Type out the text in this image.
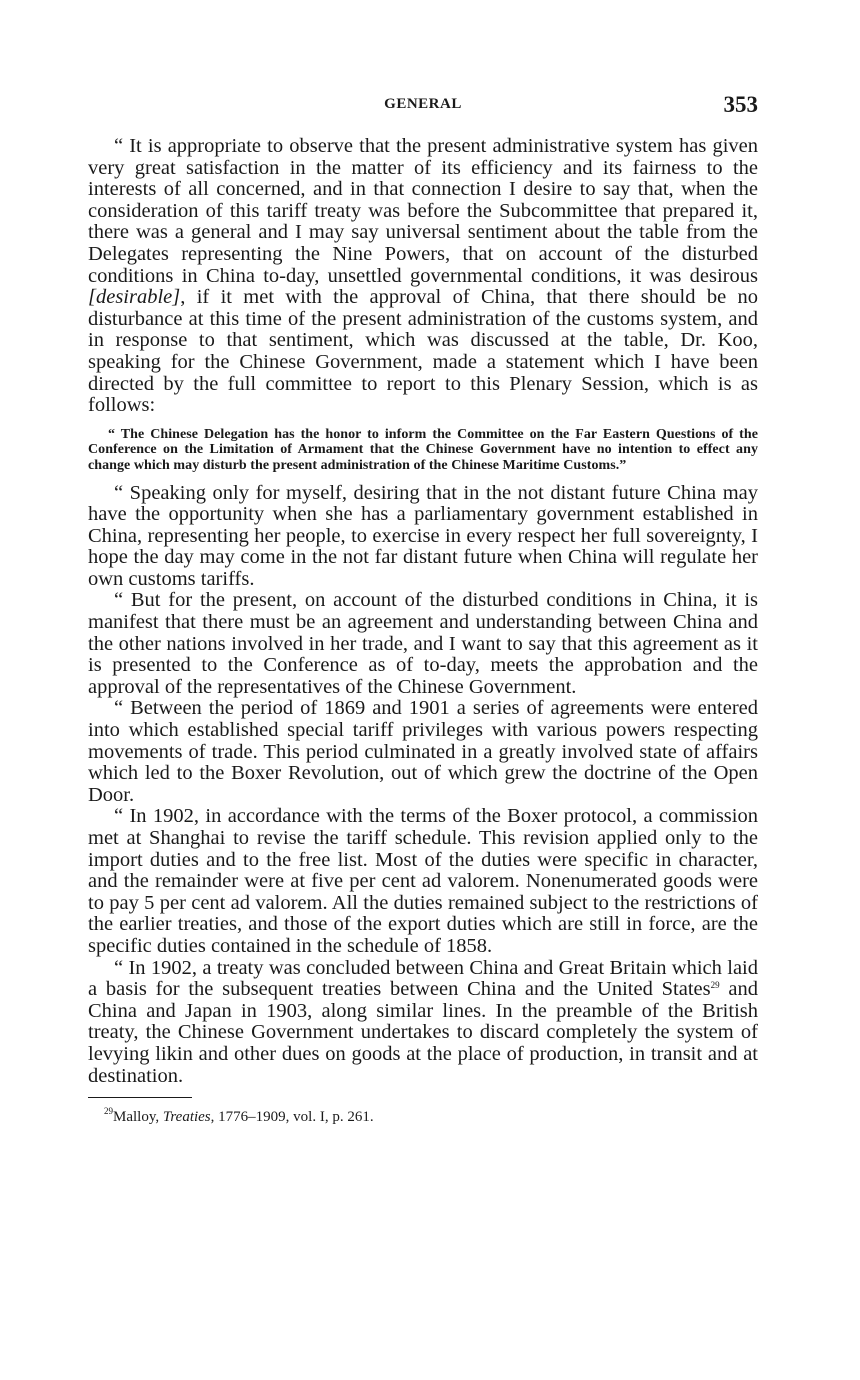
GENERAL	353

“ It is appropriate to observe that the present administrative system has given very great satisfaction in the matter of its efficiency and its fairness to the interests of all concerned, and in that connection I desire to say that, when the consideration of this tariff treaty was before the Subcommittee that prepared it, there was a general and I may say universal sentiment about the table from the Delegates representing the Nine Powers, that on account of the disturbed conditions in China to-day, unsettled governmental conditions, it was desirous [desirable], if it met with the approval of China, that there should be no disturbance at this time of the present administration of the customs system, and in response to that sentiment, which was discussed at the table, Dr. Koo, speaking for the Chinese Government, made a statement which I have been directed by the full committee to report to this Plenary Session, which is as follows:

“ The Chinese Delegation has the honor to inform the Committee on the Far Eastern Questions of the Conference on the Limitation of Armament that the Chinese Government have no intention to effect any change which may disturb the present administration of the Chinese Maritime Customs.”

“ Speaking only for myself, desiring that in the not distant future China may have the opportunity when she has a parliamentary government established in China, representing her people, to exercise in every respect her full sovereignty, I hope the day may come in the not far distant future when China will regulate her own customs tariffs.

“ But for the present, on account of the disturbed conditions in China, it is manifest that there must be an agreement and understanding between China and the other nations involved in her trade, and I want to say that this agreement as it is presented to the Conference as of to-day, meets the approbation and the approval of the representatives of the Chinese Government.

“ Between the period of 1869 and 1901 a series of agreements were entered into which established special tariff privileges with various powers respecting movements of trade. This period culminated in a greatly involved state of affairs which led to the Boxer Revolution, out of which grew the doctrine of the Open Door.

“ In 1902, in accordance with the terms of the Boxer protocol, a commission met at Shanghai to revise the tariff schedule. This revision applied only to the import duties and to the free list. Most of the duties were specific in character, and the remainder were at five per cent ad valorem. Nonenumerated goods were to pay 5 per cent ad valorem. All the duties remained subject to the restrictions of the earlier treaties, and those of the export duties which are still in force, are the specific duties contained in the schedule of 1858.

“ In 1902, a treaty was concluded between China and Great Britain which laid a basis for the subsequent treaties between China and the United States$^{29}$ and China and Japan in 1903, along similar lines. In the preamble of the British treaty, the Chinese Government undertakes to discard completely the system of levying likin and other dues on goods at the place of production, in transit and at destination.

$^{29}$Malloy, Treaties, 1776–1909, vol. I, p. 261.
